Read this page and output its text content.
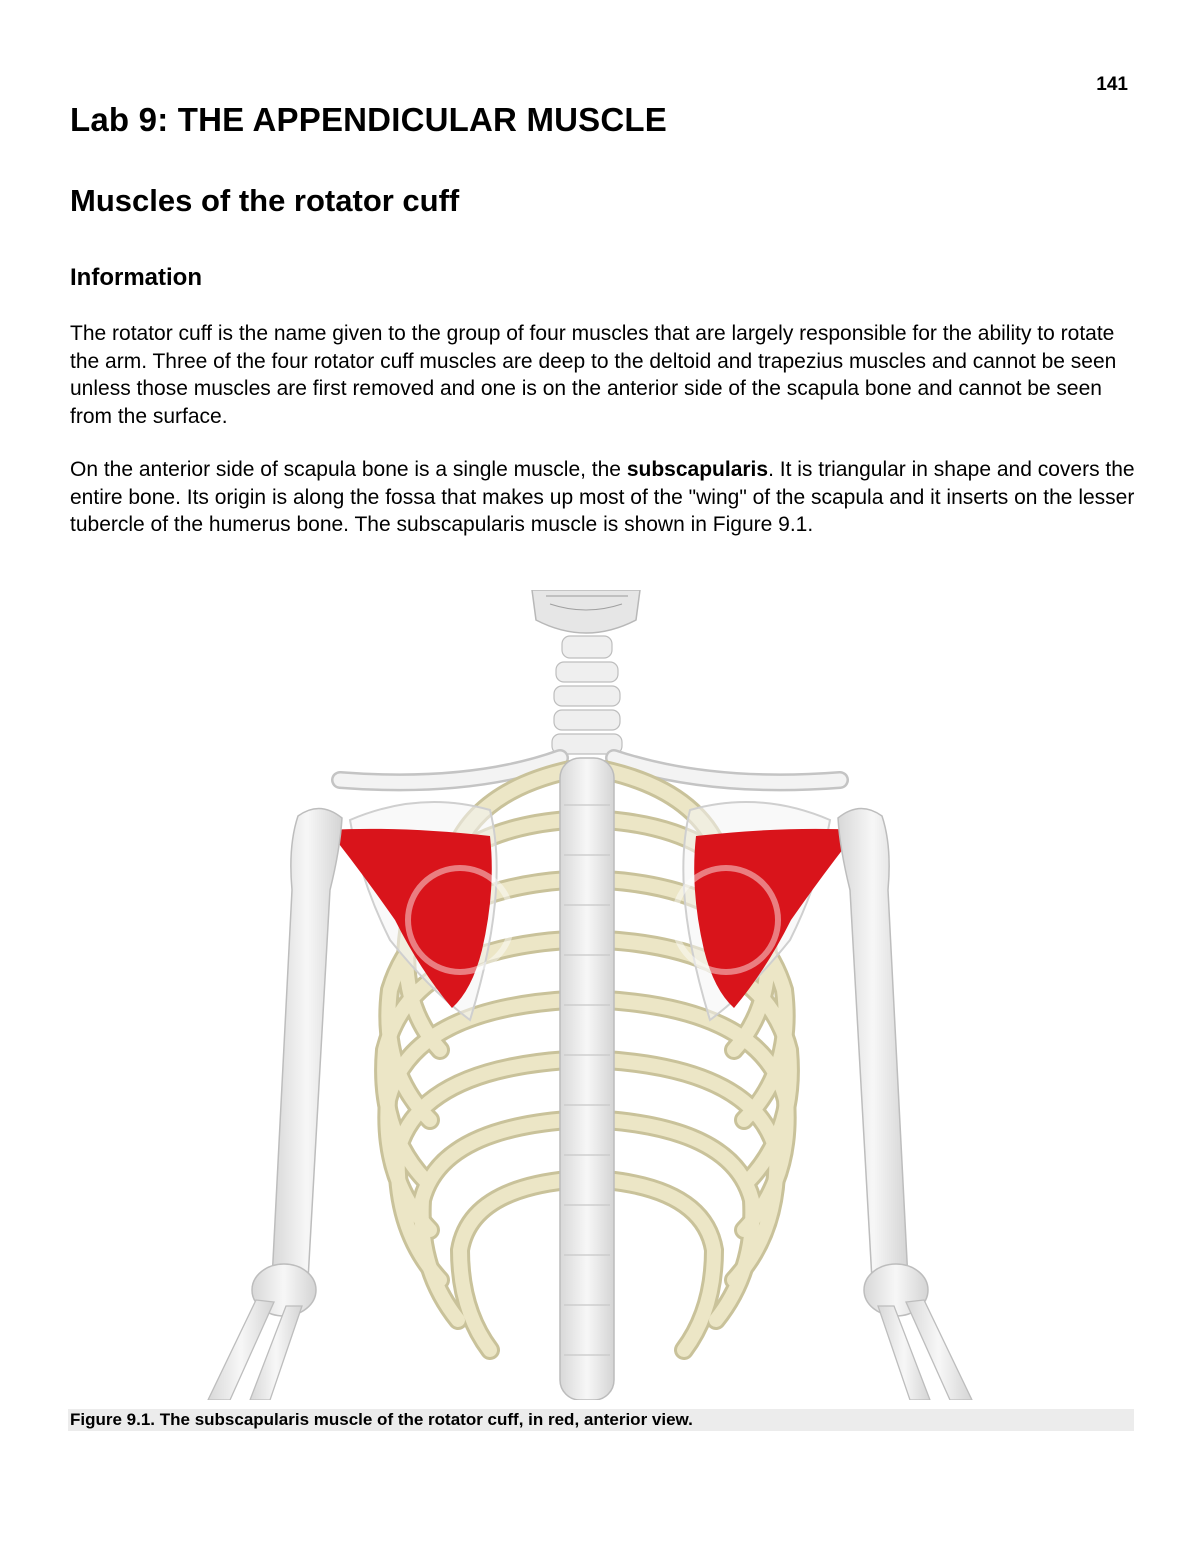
141
Lab 9: THE APPENDICULAR MUSCLE
Muscles of the rotator cuff
Information

The rotator cuff is the name given to the group of four muscles that are largely responsible for the ability to rotate the arm. Three of the four rotator cuff muscles are deep to the deltoid and trapezius muscles and cannot be seen unless those muscles are first removed and one is on the anterior side of the scapula bone and cannot be seen from the surface.

On the anterior side of scapula bone is a single muscle, the subscapularis. It is triangular in shape and covers the entire bone. Its origin is along the fossa that makes up most of the "wing" of the scapula and it inserts on the lesser tubercle of the humerus bone. The subscapularis muscle is shown in Figure 9.1.

Figure 9.1. The subscapularis muscle of the rotator cuff, in red, anterior view.
